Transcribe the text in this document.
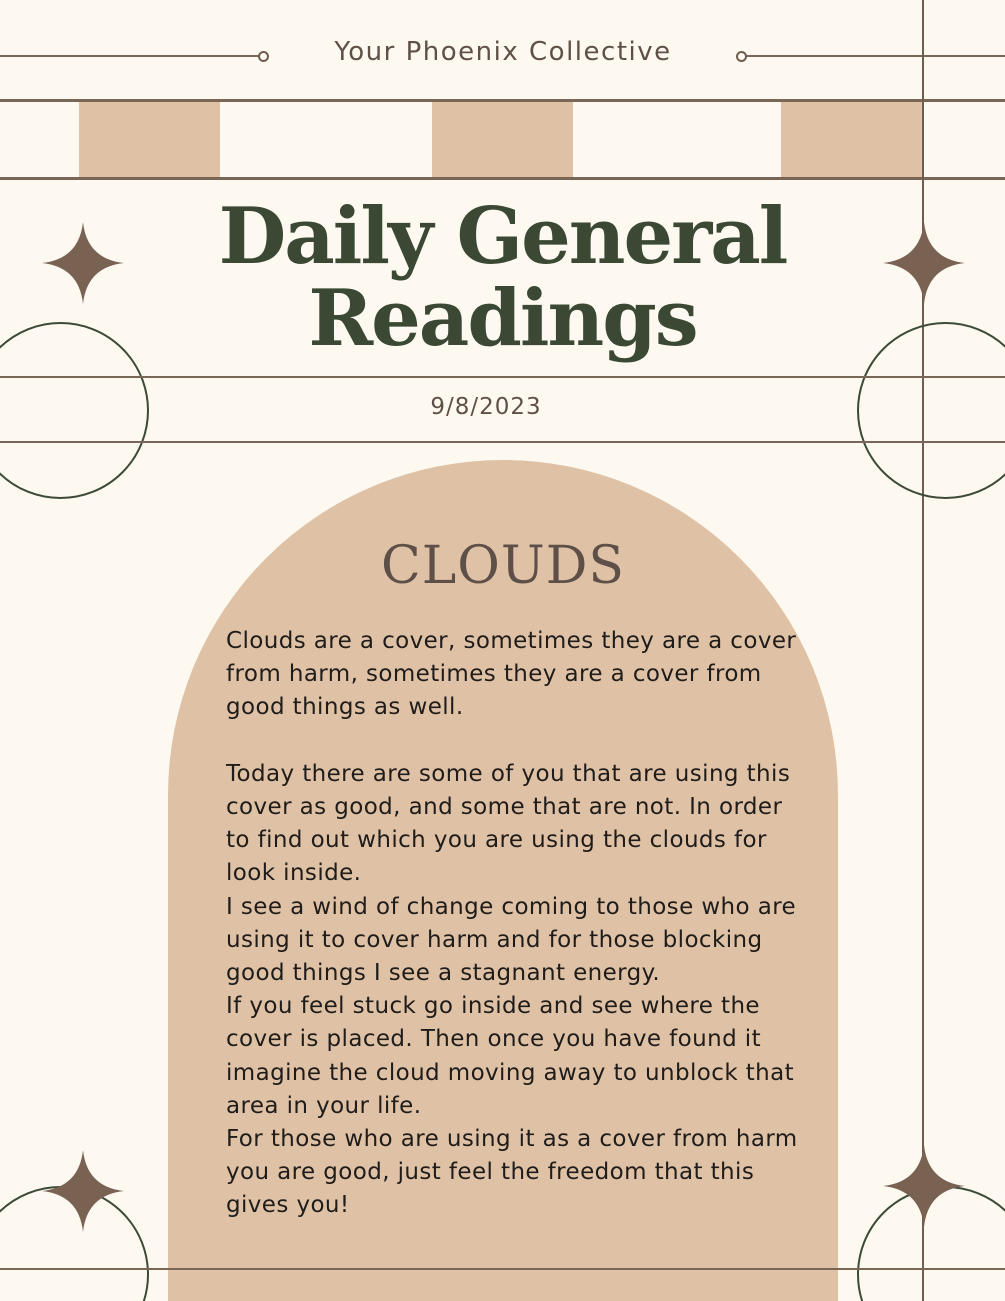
Your Phoenix Collective
Daily General
Readings
9/8/2023
CLOUDS

Clouds are a cover, sometimes they are a cover from harm, sometimes they are a cover from good things as well.

Today there are some of you that are using this cover as good, and some that are not. In order to find out which you are using the clouds for look inside.

I see a wind of change coming to those who are using it to cover harm and for those blocking good things I see a stagnant energy.

If you feel stuck go inside and see where the cover is placed. Then once you have found it imagine the cloud moving away to unblock that area in your life.

For those who are using it as a cover from harm you are good, just feel the freedom that this gives you!
